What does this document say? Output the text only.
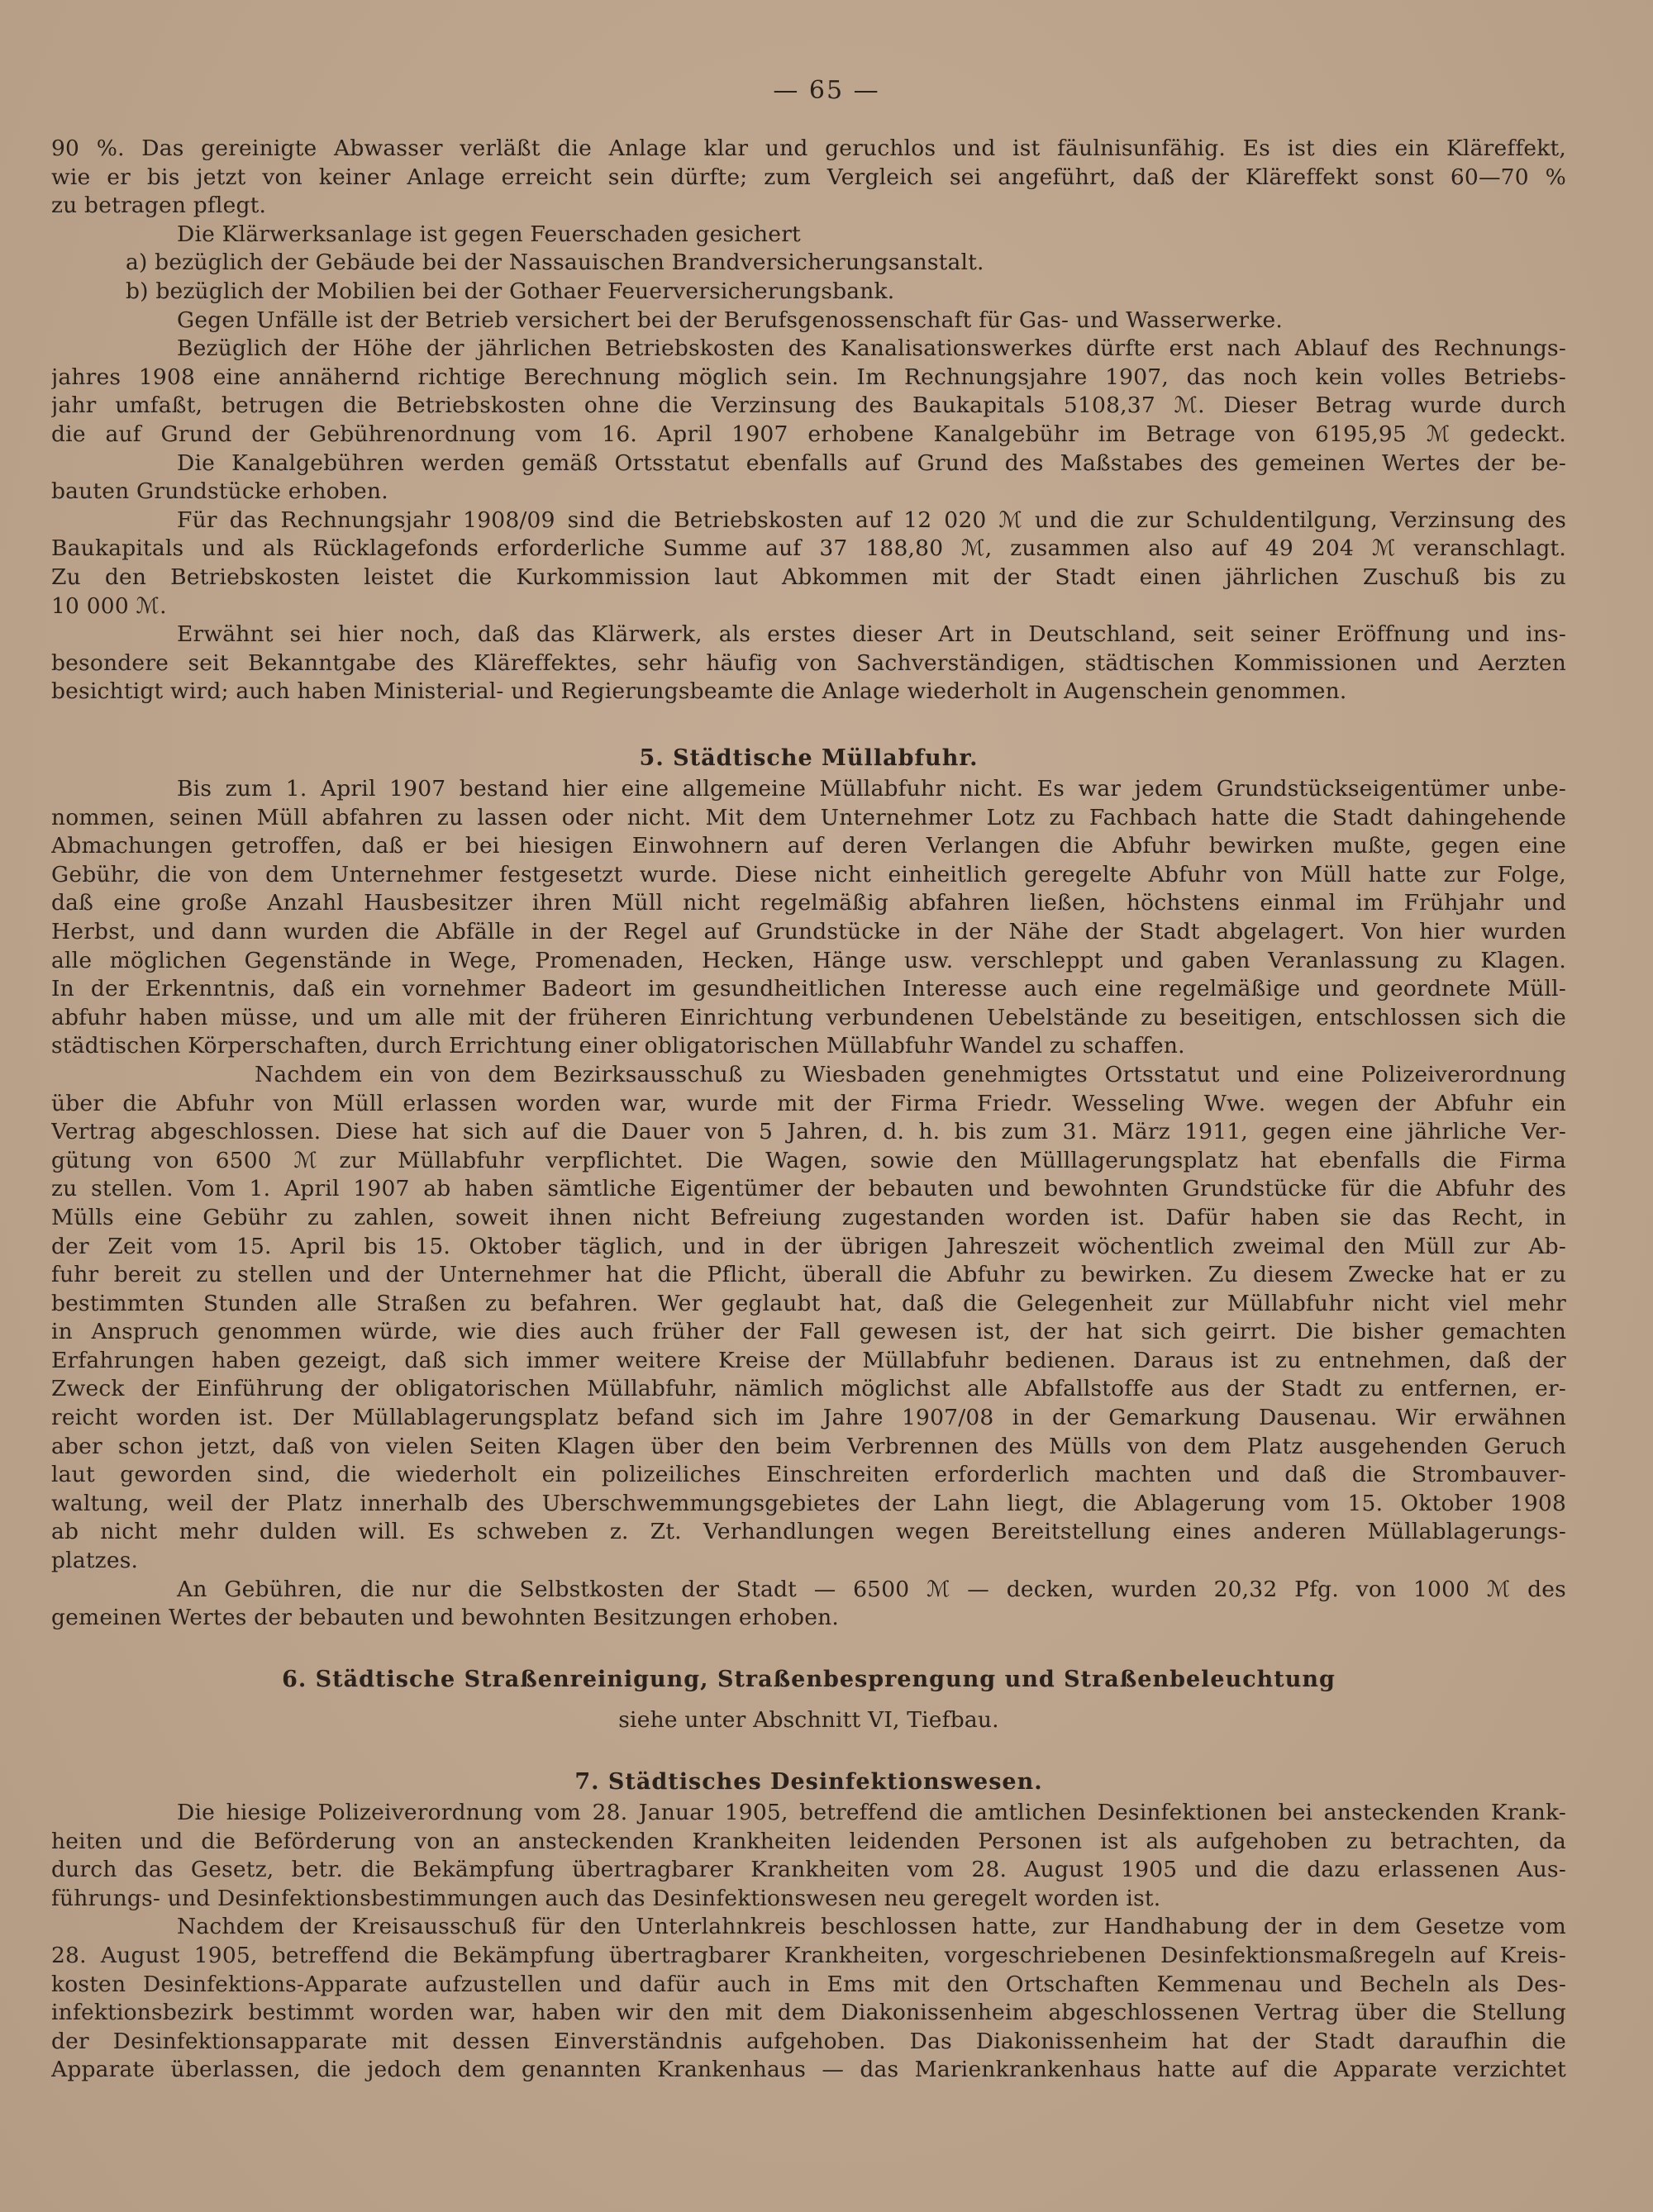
— 65 —
90 %. Das gereinigte Abwasser verläßt die Anlage klar und geruchlos und ist fäulnisunfähig. Es ist dies ein Kläreffekt,
wie er bis jetzt von keiner Anlage erreicht sein dürfte; zum Vergleich sei angeführt, daß der Kläreffekt sonst 60—70 %
zu betragen pflegt.
Die Klärwerksanlage ist gegen Feuerschaden gesichert
a) bezüglich der Gebäude bei der Nassauischen Brandversicherungsanstalt.
b) bezüglich der Mobilien bei der Gothaer Feuerversicherungsbank.
Gegen Unfälle ist der Betrieb versichert bei der Berufsgenossenschaft für Gas- und Wasserwerke.
Bezüglich der Höhe der jährlichen Betriebskosten des Kanalisationswerkes dürfte erst nach Ablauf des Rechnungs-
jahres 1908 eine annähernd richtige Berechnung möglich sein. Im Rechnungsjahre 1907, das noch kein volles Betriebs-
jahr umfaßt, betrugen die Betriebskosten ohne die Verzinsung des Baukapitals 5108,37 ℳ. Dieser Betrag wurde durch
die auf Grund der Gebührenordnung vom 16. April 1907 erhobene Kanalgebühr im Betrage von 6195,95 ℳ gedeckt.
Die Kanalgebühren werden gemäß Ortsstatut ebenfalls auf Grund des Maßstabes des gemeinen Wertes der be-
bauten Grundstücke erhoben.
Für das Rechnungsjahr 1908/09 sind die Betriebskosten auf 12 020 ℳ und die zur Schuldentilgung, Verzinsung des
Baukapitals und als Rücklagefonds erforderliche Summe auf 37 188,80 ℳ, zusammen also auf 49 204 ℳ veranschlagt.
Zu den Betriebskosten leistet die Kurkommission laut Abkommen mit der Stadt einen jährlichen Zuschuß bis zu
10 000 ℳ.
Erwähnt sei hier noch, daß das Klärwerk, als erstes dieser Art in Deutschland, seit seiner Eröffnung und ins-
besondere seit Bekanntgabe des Kläreffektes, sehr häufig von Sachverständigen, städtischen Kommissionen und Aerzten
besichtigt wird; auch haben Ministerial- und Regierungsbeamte die Anlage wiederholt in Augenschein genommen.
5. Städtische Müllabfuhr.
Bis zum 1. April 1907 bestand hier eine allgemeine Müllabfuhr nicht. Es war jedem Grundstückseigentümer unbe-
nommen, seinen Müll abfahren zu lassen oder nicht. Mit dem Unternehmer Lotz zu Fachbach hatte die Stadt dahingehende
Abmachungen getroffen, daß er bei hiesigen Einwohnern auf deren Verlangen die Abfuhr bewirken mußte, gegen eine
Gebühr, die von dem Unternehmer festgesetzt wurde. Diese nicht einheitlich geregelte Abfuhr von Müll hatte zur Folge,
daß eine große Anzahl Hausbesitzer ihren Müll nicht regelmäßig abfahren ließen, höchstens einmal im Frühjahr und
Herbst, und dann wurden die Abfälle in der Regel auf Grundstücke in der Nähe der Stadt abgelagert. Von hier wurden
alle möglichen Gegenstände in Wege, Promenaden, Hecken, Hänge usw. verschleppt und gaben Veranlassung zu Klagen.
In der Erkenntnis, daß ein vornehmer Badeort im gesundheitlichen Interesse auch eine regelmäßige und geordnete Müll-
abfuhr haben müsse, und um alle mit der früheren Einrichtung verbundenen Uebelstände zu beseitigen, entschlossen sich die
städtischen Körperschaften, durch Errichtung einer obligatorischen Müllabfuhr Wandel zu schaffen.
Nachdem ein von dem Bezirksausschuß zu Wiesbaden genehmigtes Ortsstatut und eine Polizeiverordnung
über die Abfuhr von Müll erlassen worden war, wurde mit der Firma Friedr. Wesseling Wwe. wegen der Abfuhr ein
Vertrag abgeschlossen. Diese hat sich auf die Dauer von 5 Jahren, d. h. bis zum 31. März 1911, gegen eine jährliche Ver-
gütung von 6500 ℳ zur Müllabfuhr verpflichtet. Die Wagen, sowie den Mülllagerungsplatz hat ebenfalls die Firma
zu stellen. Vom 1. April 1907 ab haben sämtliche Eigentümer der bebauten und bewohnten Grundstücke für die Abfuhr des
Mülls eine Gebühr zu zahlen, soweit ihnen nicht Befreiung zugestanden worden ist. Dafür haben sie das Recht, in
der Zeit vom 15. April bis 15. Oktober täglich, und in der übrigen Jahreszeit wöchentlich zweimal den Müll zur Ab-
fuhr bereit zu stellen und der Unternehmer hat die Pflicht, überall die Abfuhr zu bewirken. Zu diesem Zwecke hat er zu
bestimmten Stunden alle Straßen zu befahren. Wer geglaubt hat, daß die Gelegenheit zur Müllabfuhr nicht viel mehr
in Anspruch genommen würde, wie dies auch früher der Fall gewesen ist, der hat sich geirrt. Die bisher gemachten
Erfahrungen haben gezeigt, daß sich immer weitere Kreise der Müllabfuhr bedienen. Daraus ist zu entnehmen, daß der
Zweck der Einführung der obligatorischen Müllabfuhr, nämlich möglichst alle Abfallstoffe aus der Stadt zu entfernen, er-
reicht worden ist. Der Müllablagerungsplatz befand sich im Jahre 1907/08 in der Gemarkung Dausenau. Wir erwähnen
aber schon jetzt, daß von vielen Seiten Klagen über den beim Verbrennen des Mülls von dem Platz ausgehenden Geruch
laut geworden sind, die wiederholt ein polizeiliches Einschreiten erforderlich machten und daß die Strombauver-
waltung, weil der Platz innerhalb des Uberschwemmungsgebietes der Lahn liegt, die Ablagerung vom 15. Oktober 1908
ab nicht mehr dulden will. Es schweben z. Zt. Verhandlungen wegen Bereitstellung eines anderen Müllablagerungs-
platzes.
An Gebühren, die nur die Selbstkosten der Stadt — 6500 ℳ — decken, wurden 20,32 Pfg. von 1000 ℳ des
gemeinen Wertes der bebauten und bewohnten Besitzungen erhoben.
6. Städtische Straßenreinigung, Straßenbesprengung und Straßenbeleuchtung
siehe unter Abschnitt VI, Tiefbau.
7. Städtisches Desinfektionswesen.
Die hiesige Polizeiverordnung vom 28. Januar 1905, betreffend die amtlichen Desinfektionen bei ansteckenden Krank-
heiten und die Beförderung von an ansteckenden Krankheiten leidenden Personen ist als aufgehoben zu betrachten, da
durch das Gesetz, betr. die Bekämpfung übertragbarer Krankheiten vom 28. August 1905 und die dazu erlassenen Aus-
führungs- und Desinfektionsbestimmungen auch das Desinfektionswesen neu geregelt worden ist.
Nachdem der Kreisausschuß für den Unterlahnkreis beschlossen hatte, zur Handhabung der in dem Gesetze vom
28. August 1905, betreffend die Bekämpfung übertragbarer Krankheiten, vorgeschriebenen Desinfektionsmaßregeln auf Kreis-
kosten Desinfektions-Apparate aufzustellen und dafür auch in Ems mit den Ortschaften Kemmenau und Becheln als Des-
infektionsbezirk bestimmt worden war, haben wir den mit dem Diakonissenheim abgeschlossenen Vertrag über die Stellung
der Desinfektionsapparate mit dessen Einverständnis aufgehoben. Das Diakonissenheim hat der Stadt daraufhin die
Apparate überlassen, die jedoch dem genannten Krankenhaus — das Marienkrankenhaus hatte auf die Apparate verzichtet
